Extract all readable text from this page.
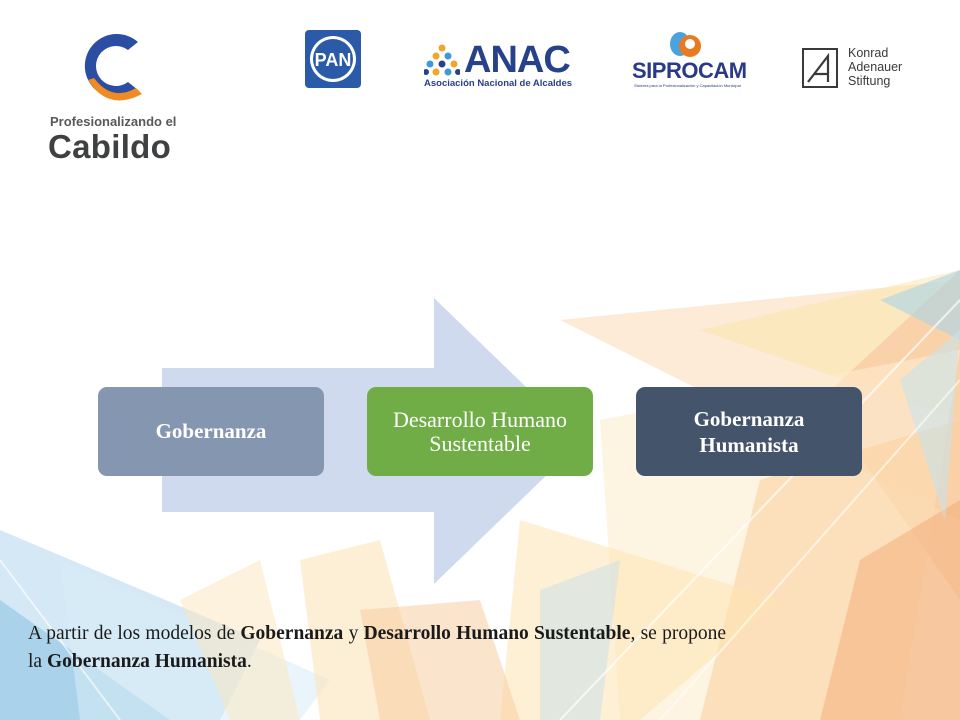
Profesionalizando el
Cabildo
PAN	ANAC
Asociación Nacional de Alcaldes
SIPROCAM
Sistema para la Profesionalización y Capacitación Municipal
Konrad
Adenauer
Stiftung
Gobernanza	Desarrollo Humano Sustentable
Gobernanza Humanista

A partir de los modelos de Gobernanza y Desarrollo Humano Sustentable, se propone la Gobernanza Humanista.
